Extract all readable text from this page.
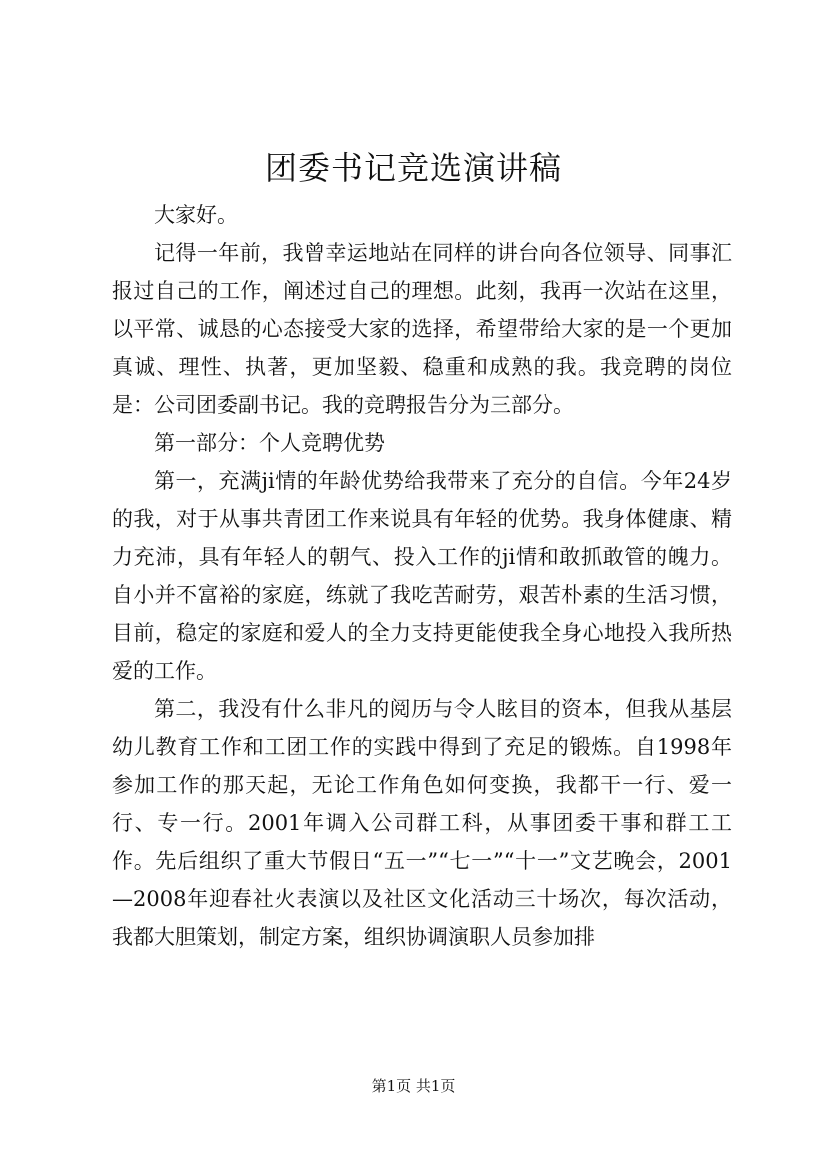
团委书记竞选演讲稿

大家好。

记得一年前，我曾幸运地站在同样的讲台向各位领导、同事汇报过自己的工作，阐述过自己的理想。此刻，我再一次站在这里，以平常、诚恳的心态接受大家的选择，希望带给大家的是一个更加真诚、理性、执著，更加坚毅、稳重和成熟的我。我竞聘的岗位是：公司团委副书记。我的竞聘报告分为三部分。

第一部分：个人竞聘优势

第一，充满ji情的年龄优势给我带来了充分的自信。今年24岁的我，对于从事共青团工作来说具有年轻的优势。我身体健康、精力充沛，具有年轻人的朝气、投入工作的ji情和敢抓敢管的魄力。自小并不富裕的家庭，练就了我吃苦耐劳，艰苦朴素的生活习惯，目前，稳定的家庭和爱人的全力支持更能使我全身心地投入我所热爱的工作。

第二，我没有什么非凡的阅历与令人眩目的资本，但我从基层幼儿教育工作和工团工作的实践中得到了充足的锻炼。自1998年参加工作的那天起，无论工作角色如何变换，我都干一行、爱一行、专一行。2001年调入公司群工科，从事团委干事和群工工作。先后组织了重大节假日“五一”“七一”“十一”文艺晚会，2001—2008年迎春社火表演以及社区文化活动三十场次，每次活动，我都大胆策划，制定方案，组织协调演职人员参加排

第1页 共1页
